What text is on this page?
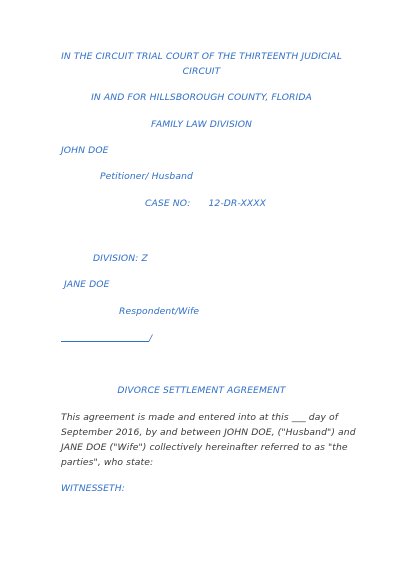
IN THE CIRCUIT TRIAL COURT OF THE THIRTEENTH JUDICIAL
CIRCUIT
IN AND FOR HILLSBOROUGH COUNTY, FLORIDA
FAMILY LAW DIVISION
JOHN DOE
Petitioner/ Husband
CASE NO: 12-DR-XXXX
DIVISION: Z
JANE DOE
Respondent/Wife
/
DIVORCE SETTLEMENT AGREEMENT
This agreement is made and entered into at this ___ day of
September 2016, by and between JOHN DOE, ("Husband") and
JANE DOE ("Wife") collectively hereinafter referred to as "the
parties", who state:
WITNESSETH:
